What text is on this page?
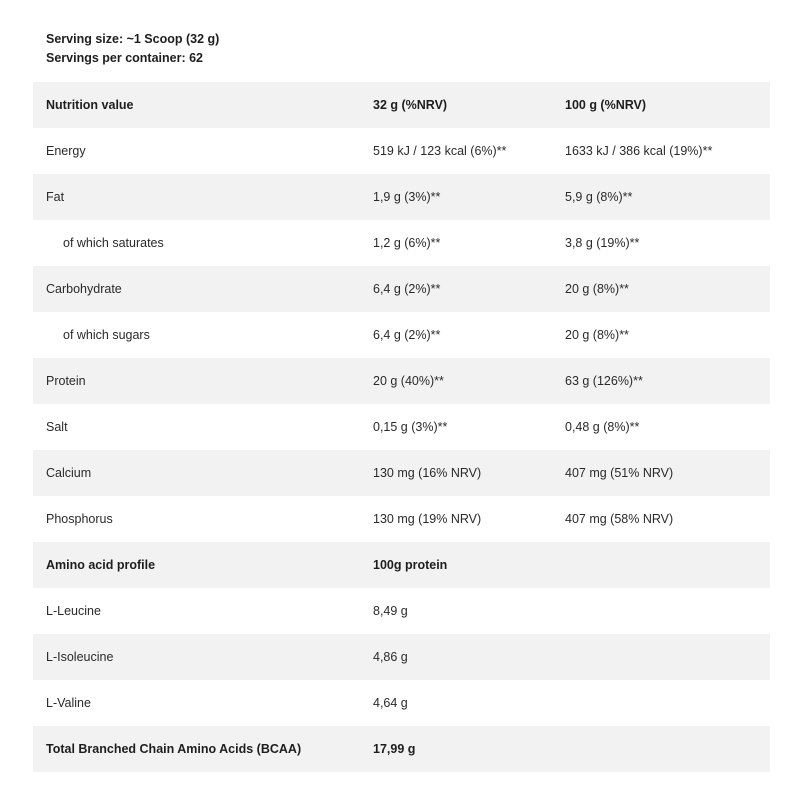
Serving size: ~1 Scoop (32 g)
Servings per container: 62
Nutrition value	32 g (%NRV)	100 g (%NRV)
Energy	519 kJ / 123 kcal (6%)**	1633 kJ / 386 kcal (19%)**
Fat	1,9 g (3%)**	5,9 g (8%)**
of which saturates	1,2 g (6%)**	3,8 g (19%)**
Carbohydrate	6,4 g (2%)**	20 g (8%)**
of which sugars	6,4 g (2%)**	20 g (8%)**
Protein	20 g (40%)**	63 g (126%)**
Salt	0,15 g (3%)**	0,48 g (8%)**
Calcium	130 mg (16% NRV)	407 mg (51% NRV)
Phosphorus	130 mg (19% NRV)	407 mg (58% NRV)
Amino acid profile	100g protein	
L-Leucine	8,49 g	
L-Isoleucine	4,86 g	
L-Valine	4,64 g	
Total Branched Chain Amino Acids (BCAA)	17,99 g	
